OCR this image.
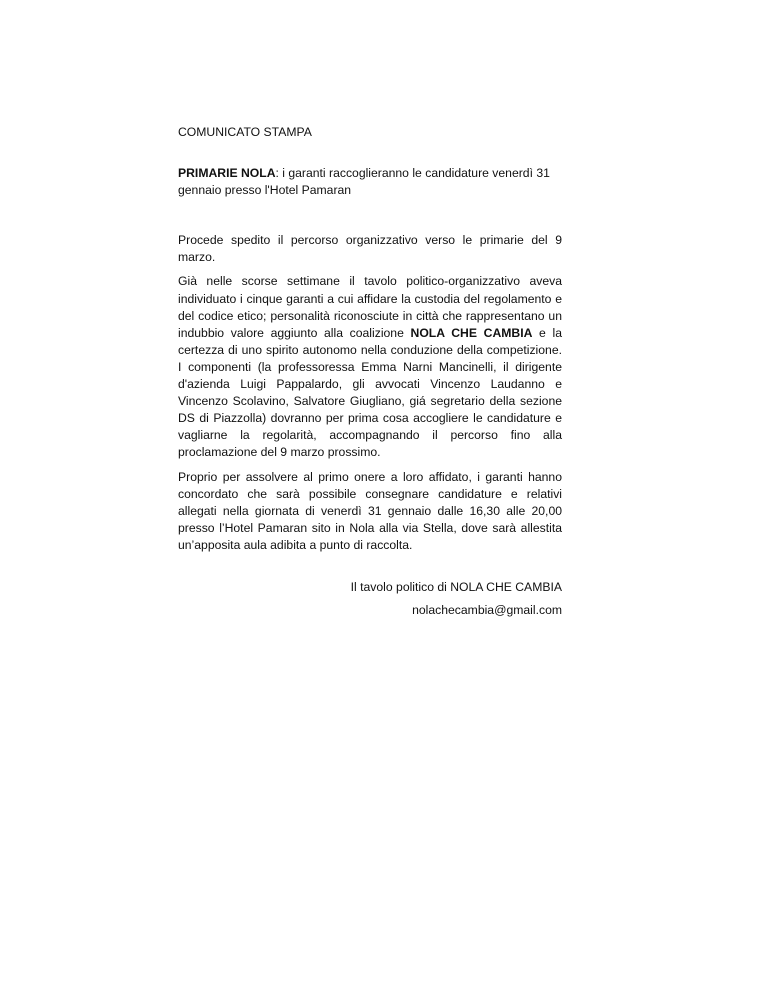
COMUNICATO STAMPA

PRIMARIE NOLA: i garanti raccoglieranno le candidature venerdì 31 gennaio presso l'Hotel Pamaran

Procede spedito il percorso organizzativo verso le primarie del 9 marzo.

Già nelle scorse settimane il tavolo politico-organizzativo aveva individuato i cinque garanti a cui affidare la custodia del regolamento e del codice etico; personalità riconosciute in città che rappresentano un indubbio valore aggiunto alla coalizione NOLA CHE CAMBIA e la certezza di uno spirito autonomo nella conduzione della competizione. I componenti (la professoressa Emma Narni Mancinelli, il dirigente d'azienda Luigi Pappalardo, gli avvocati Vincenzo Laudanno e Vincenzo Scolavino, Salvatore Giugliano, giá segretario della sezione DS di Piazzolla) dovranno per prima cosa accogliere le candidature e vagliarne la regolarità, accompagnando il percorso fino alla proclamazione del 9 marzo prossimo.

Proprio per assolvere al primo onere a loro affidato, i garanti hanno concordato che sarà possibile consegnare candidature e relativi allegati nella giornata di venerdì 31 gennaio dalle 16,30 alle 20,00 presso l’Hotel Pamaran sito in Nola alla via Stella, dove sarà allestita un’apposita aula adibita a punto di raccolta.

Il tavolo politico di NOLA CHE CAMBIA

nolachecambia@gmail.com
